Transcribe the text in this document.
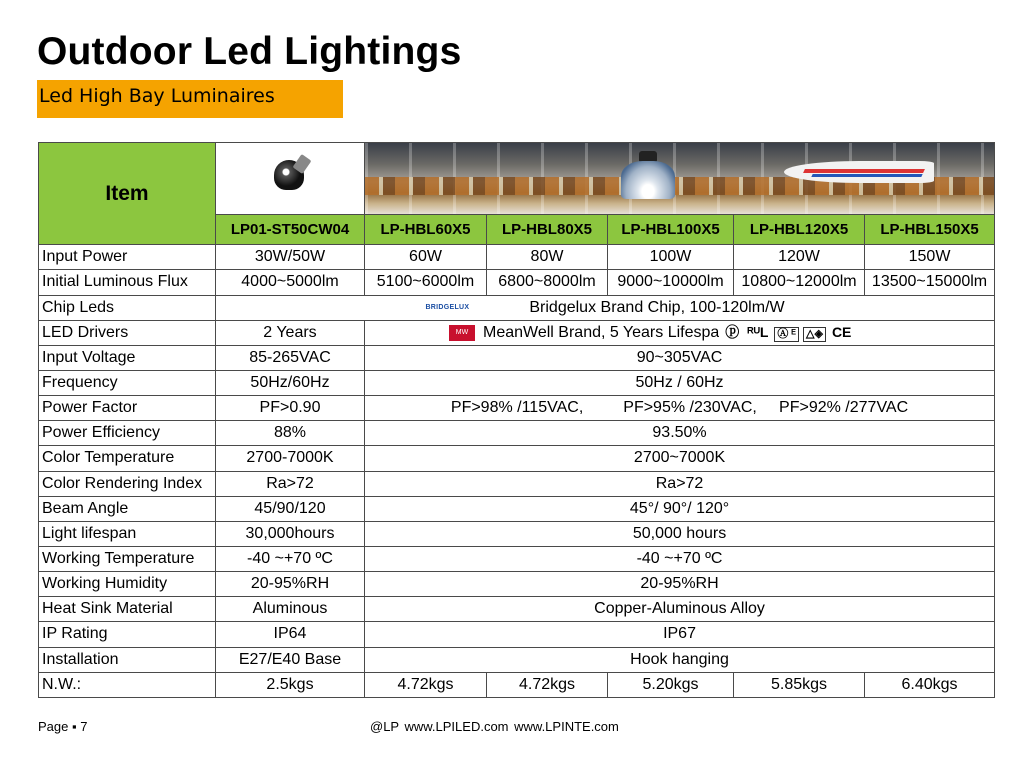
Outdoor Led Lightings
Led High Bay Luminaires
Item					

	LP01-ST50CW04	LP-HBL60X5	LP-HBL80X5	LP-HBL100X5	LP-HBL120X5	LP-HBL150X5
Input Power	30W/50W	60W	80W	100W	120W	150W
Initial Luminous Flux	4000~5000lm	5100~6000lm	6800~8000lm	9000~10000lm	10800~12000lm	13500~15000lm
Chip Leds	BRIDGELUX Bridgelux Brand Chip, 100-120lm/W					
LED Drivers	2 Years	MW MeanWell Brand, 5 Years Lifespa ⓟ ᴿᵁL Ⓐ ᴱ △◈ CE				
Input Voltage	85-265VAC	90~305VAC				
Frequency	50Hz/60Hz	50Hz / 60Hz				
Power Factor	PF>0.90	PF>98% /115VAC,         PF>95% /230VAC,     PF>92% /277VAC				
Power Efficiency	88%	93.50%				
Color Temperature	2700-7000K	2700~7000K				
Color Rendering Index	Ra>72	Ra>72				
Beam Angle	45/90/120	45°/ 90°/ 120°				
Light lifespan	30,000hours	50,000 hours				
Working Temperature	-40 ~+70 ºC	-40 ~+70 ºC				
Working Humidity	20-95%RH	20-95%RH				
Heat Sink Material	Aluminous	Copper-Aluminous Alloy				
IP Rating	IP64	IP67				
Installation	E27/E40 Base	Hook hanging				
N.W.:	2.5kgs	4.72kgs	4.72kgs	5.20kgs	5.85kgs	6.40kgs
Page ▪ 7	@LP www.LPILED.com www.LPINTE.com
